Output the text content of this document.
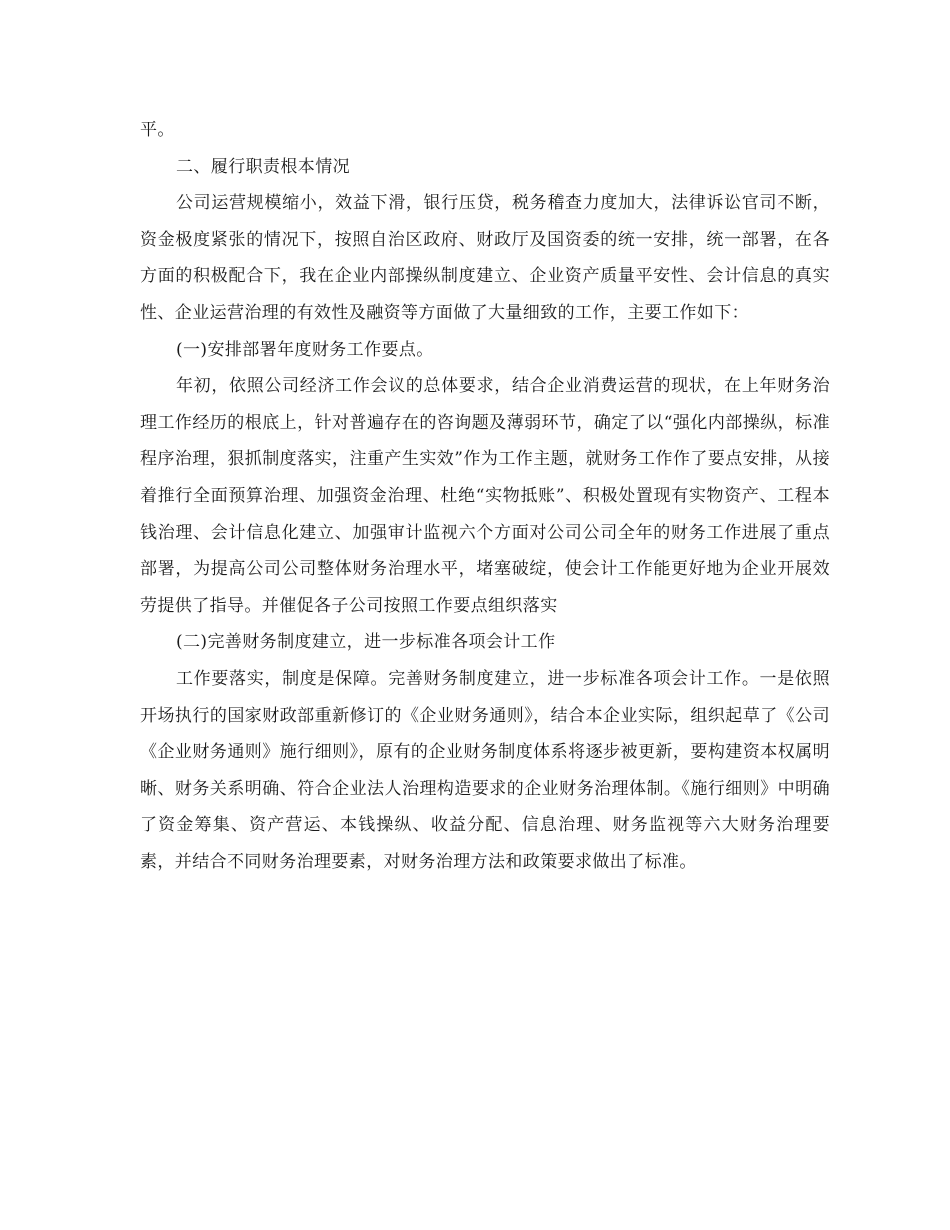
平。

二、履行职责根本情况

公司运营规模缩小，效益下滑，银行压贷，税务稽查力度加大，法律诉讼官司不断，资金极度紧张的情况下，按照自治区政府、财政厅及国资委的统一安排，统一部署，在各方面的积极配合下，我在企业内部操纵制度建立、企业资产质量平安性、会计信息的真实性、企业运营治理的有效性及融资等方面做了大量细致的工作，主要工作如下：

(一)安排部署年度财务工作要点。

年初，依照公司经济工作会议的总体要求，结合企业消费运营的现状，在上年财务治理工作经历的根底上，针对普遍存在的咨询题及薄弱环节，确定了以“强化内部操纵，标准程序治理，狠抓制度落实，注重产生实效”作为工作主题，就财务工作作了要点安排，从接着推行全面预算治理、加强资金治理、杜绝“实物抵账”、积极处置现有实物资产、工程本钱治理、会计信息化建立、加强审计监视六个方面对公司公司全年的财务工作进展了重点部署，为提高公司公司整体财务治理水平，堵塞破绽，使会计工作能更好地为企业开展效劳提供了指导。并催促各子公司按照工作要点组织落实

(二)完善财务制度建立，进一步标准各项会计工作

工作要落实，制度是保障。完善财务制度建立，进一步标准各项会计工作。一是依照开场执行的国家财政部重新修订的《企业财务通则》，结合本企业实际，组织起草了《公司《企业财务通则》施行细则》，原有的企业财务制度体系将逐步被更新，要构建资本权属明晰、财务关系明确、符合企业法人治理构造要求的企业财务治理体制。《施行细则》中明确了资金筹集、资产营运、本钱操纵、收益分配、信息治理、财务监视等六大财务治理要素，并结合不同财务治理要素，对财务治理方法和政策要求做出了标准。
